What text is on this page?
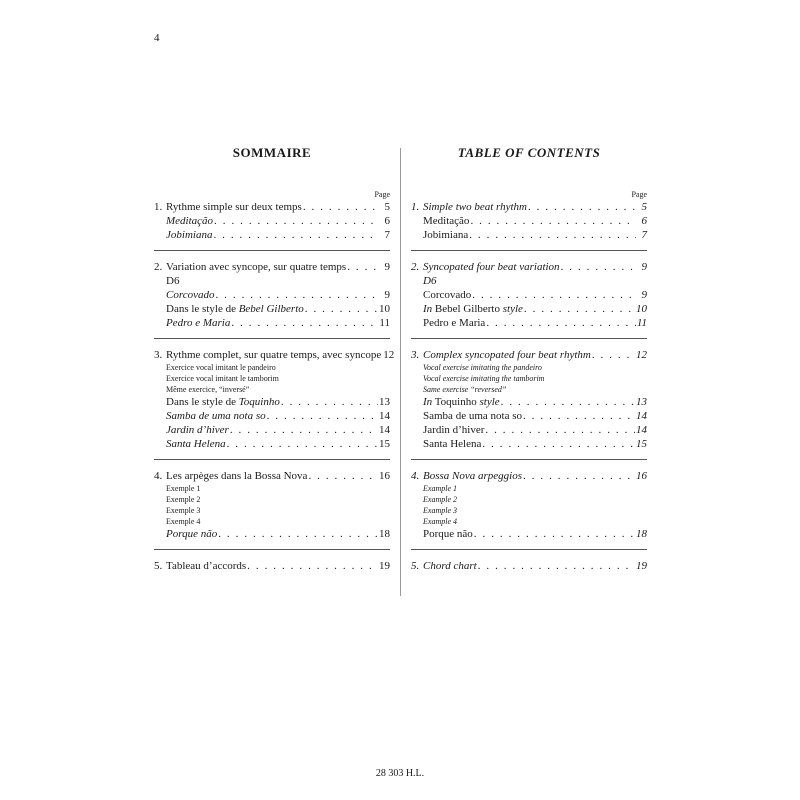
4
SOMMAIRE
Page
1. Rythme simple sur deux temps . . .	5
Meditação . . .	6
Jobimiana . . .	7
2. Variation avec syncope, sur quatre temps . . .	9
D6
Corcovado . . .	9
Dans le style de Bebel Gilberto . . .	10
Pedro e Maria . . .	11
3. Rythme complet, sur quatre temps, avec syncope 12
Exercice vocal imitant le pandeiro
Exercice vocal imitant le tamborim
Même exercice, “inversé”
Dans le style de Toquinho . . .	13
Samba de uma nota so . . .	14
Jardin d’hiver . . .	14
Santa Helena . . .	15
4. Les arpèges dans la Bossa Nova . . .	16
Exemple 1
Exemple 2
Exemple 3
Exemple 4
Porque não . . .	18
5. Tableau d’accords . . .	19
TABLE OF CONTENTS
Page
1. Simple two beat rhythm . . .	5
Meditação . . .	6
Jobimiana . . .	7
2. Syncopated four beat variation . . .	9
D6
Corcovado . . .	9
In Bebel Gilberto style . . .	10
Pedro e Maria . . .	11
3. Complex syncopated four beat rhythm . . .	12
Vocal exercise imitating the pandeiro
Vocal exercise imitating the tamborim
Same exercise “reversed”
In Toquinho style . . .	13
Samba de uma nota so . . .	14
Jardin d’hiver . . .	14
Santa Helena . . .	15
4. Bossa Nova arpeggios . . .	16
Example 1
Example 2
Example 3
Example 4
Porque não . . .	18
5. Chord chart . . .	19
28 303 H.L.
